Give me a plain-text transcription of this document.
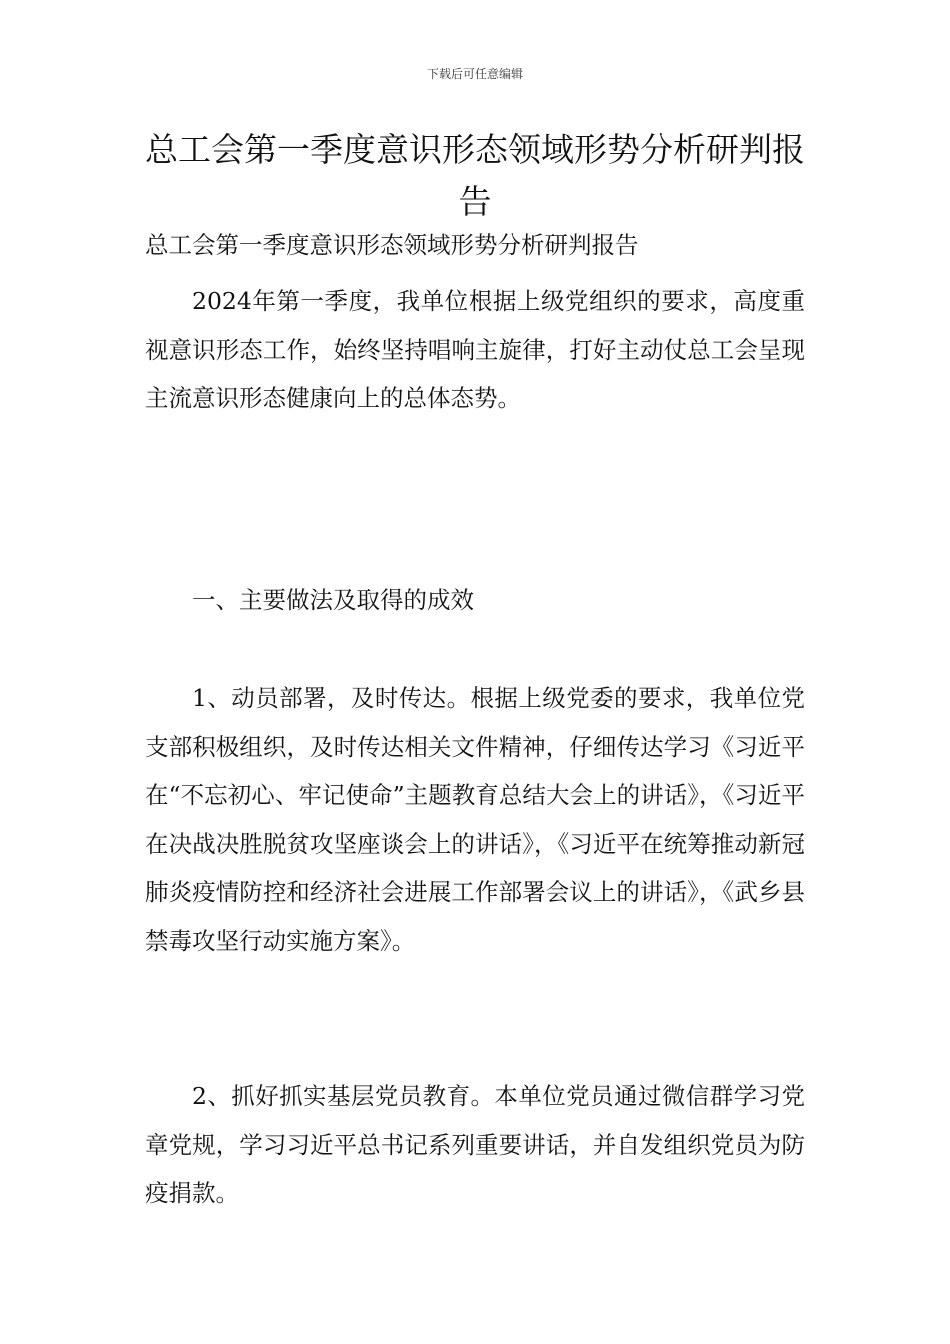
下载后可任意编辑
总工会第一季度意识形态领域形势分析研判报告

总工会第一季度意识形态领域形势分析研判报告

2024年第一季度，我单位根据上级党组织的要求，高度重视意识形态工作，始终坚持唱响主旋律，打好主动仗总工会呈现主流意识形态健康向上的总体态势。

一、主要做法及取得的成效

1、动员部署，及时传达。根据上级党委的要求，我单位党支部积极组织，及时传达相关文件精神，仔细传达学习《习近平在“不忘初心、牢记使命”主题教育总结大会上的讲话》，《习近平在决战决胜脱贫攻坚座谈会上的讲话》，《习近平在统筹推动新冠肺炎疫情防控和经济社会进展工作部署会议上的讲话》，《武乡县禁毒攻坚行动实施方案》。

2、抓好抓实基层党员教育。本单位党员通过微信群学习党章党规，学习习近平总书记系列重要讲话，并自发组织党员为防疫捐款。
